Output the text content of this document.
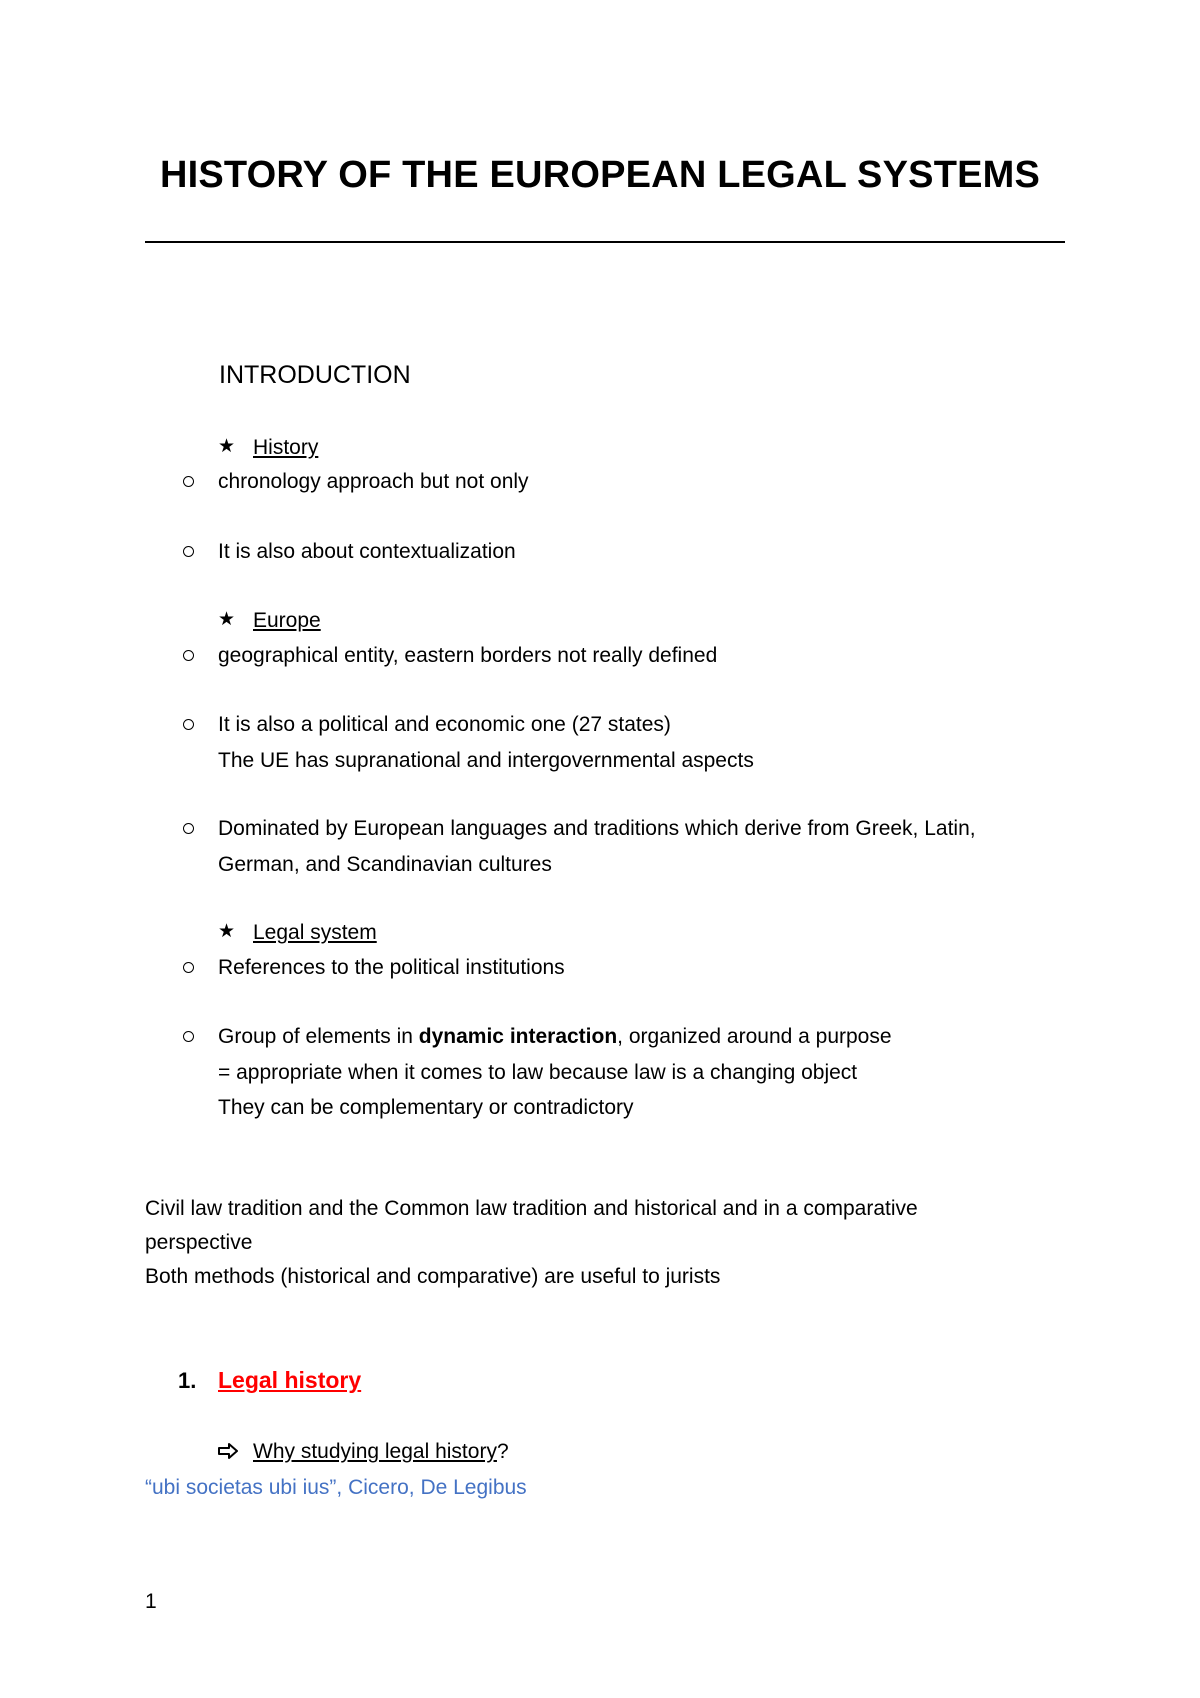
HISTORY OF THE EUROPEAN LEGAL SYSTEMS
INTRODUCTION
★ History
chronology approach but not only
It is also about contextualization
★ Europe
geographical entity, eastern borders not really defined
It is also a political and economic one (27 states)
The UE has supranational and intergovernmental aspects
Dominated by European languages and traditions which derive from Greek, Latin,
German, and Scandinavian cultures
★ Legal system
References to the political institutions
Group of elements in dynamic interaction, organized around a purpose
= appropriate when it comes to law because law is a changing object
They can be complementary or contradictory
Civil law tradition and the Common law tradition and historical and in a comparative
perspective
Both methods (historical and comparative) are useful to jurists
1. Legal history
Why studying legal history?
“ubi societas ubi ius”, Cicero, De Legibus
1
